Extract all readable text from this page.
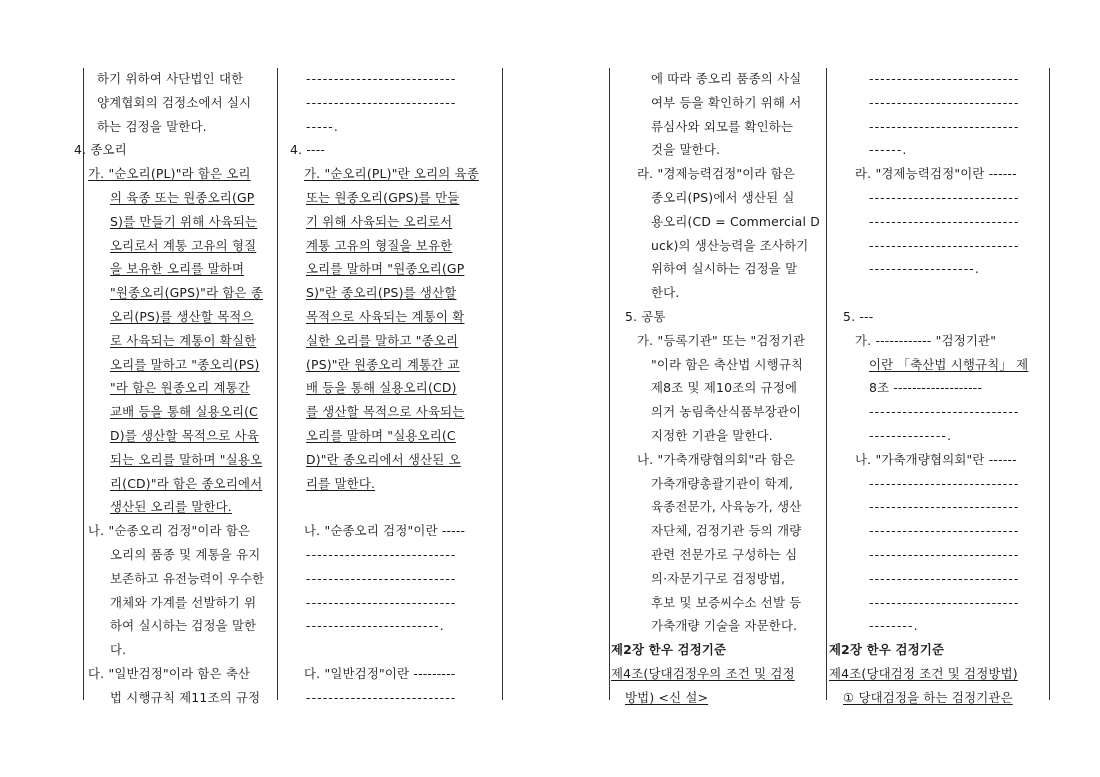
하기 위하여 사단법인 대한
양계협회의 검정소에서 실시
하는 검정을 말한다.
4. 종오리
가. "순오리(PL)"라 함은 오리
의 육종 또는 원종오리(GP
S)를 만들기 위해 사육되는
오리로서 계통 고유의 형질
을 보유한 오리를 말하며
"원종오리(GPS)"라 함은 종
오리(PS)를 생산할 목적으
로 사육되는 계통이 확실한
오리를 말하고 "종오리(PS)
"라 함은 원종오리 계통간
교배 등을 통해 실용오리(C
D)를 생산할 목적으로 사육
되는 오리를 말하며 "실용오
리(CD)"라 함은 종오리에서
생산된 오리를 말한다.
나. "순종오리 검정"이라 함은
오리의 품종 및 계통을 유지
보존하고 유전능력이 우수한
개체와 가계를 선발하기 위
하여 실시하는 검정을 말한
다.
다. "일반검정"이라 함은 축산
법 시행규칙 제11조의 규정
---------------------------
---------------------------
-----.
4. ----
가. "순오리(PL)"란 오리의 육종
또는 원종오리(GPS)를 만들
기 위해 사육되는 오리로서
계통 고유의 형질을 보유한
오리를 말하며 "원종오리(GP
S)"란 종오리(PS)를 생산할
목적으로 사육되는 계통이 확
실한 오리를 말하고 "종오리
(PS)"란 원종오리 계통간 교
배 등을 통해 실용오리(CD)
를 생산할 목적으로 사육되는
오리를 말하며 "실용오리(C
D)"란 종오리에서 생산된 오
리를 말한다.
나. "순종오리 검정"이란 -----
---------------------------
---------------------------
---------------------------
------------------------.
다. "일반검정"이란 ---------
---------------------------
에 따라 종오리 품종의 사실
여부 등을 확인하기 위해 서
류심사와 외모를 확인하는
것을 말한다.
라. "경제능력검정"이라 함은
종오리(PS)에서 생산된 실
용오리(CD = Commercial D
uck)의 생산능력을 조사하기
위하여 실시하는 검정을 말
한다.
5. 공통
가. "등록기관" 또는 "검정기관
"이라 함은 축산법 시행규칙
제8조 및 제10조의 규정에
의거 농림축산식품부장관이
지정한 기관을 말한다.
나. "가축개량협의회"라 함은
가축개량총괄기관이 학계,
육종전문가, 사육농가, 생산
자단체, 검정기관 등의 개량
관련 전문가로 구성하는 심
의·자문기구로 검정방법,
후보 및 보증씨수소 선발 등
가축개량 기술을 자문한다.
제2장 한우 검정기준
제4조(당대검정우의 조건 및 검정
방법) <신 설>
---------------------------
---------------------------
---------------------------
------.
라. "경제능력검정"이란 ------
---------------------------
---------------------------
---------------------------
-------------------.
5. ---
가. ------------ "검정기관"
이란 「축산법 시행규칙」 제
8조 -------------------
---------------------------
--------------.
나. "가축개량협의회"란 ------
---------------------------
---------------------------
---------------------------
---------------------------
---------------------------
---------------------------
--------.
제2장 한우 검정기준
제4조(당대검정 조건 및 검정방법)
① 당대검정을 하는 검정기관은
